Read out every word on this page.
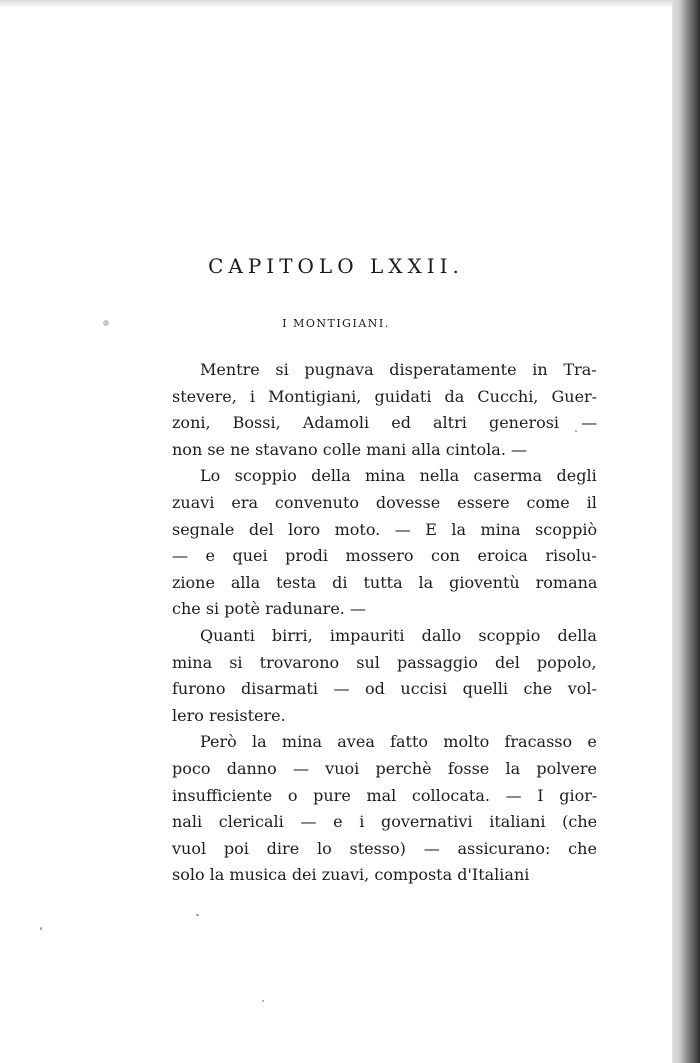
CAPITOLO LXXII.
I MONTIGIANI.
Mentre si pugnava disperatamente in Tra-
stevere, i Montigiani, guidati da Cucchi, Guer-
zoni, Bossi, Adamoli ed altri generosi —
non se ne stavano colle mani alla cintola. —
Lo scoppio della mina nella caserma degli
zuavi era convenuto dovesse essere come il
segnale del loro moto. — E la mina scoppiò
— e quei prodi mossero con eroica risolu-
zione alla testa di tutta la gioventù romana
che si potè radunare. —
Quanti birri, impauriti dallo scoppio della
mina si trovarono sul passaggio del popolo,
furono disarmati — od uccisi quelli che vol-
lero resistere.
Però la mina avea fatto molto fracasso e
poco danno — vuoi perchè fosse la polvere
insufficiente o pure mal collocata. — I gior-
nali clericali — e i governativi italiani (che
vuol poi dire lo stesso) — assicurano: che
solo la musica dei zuavi, composta d'Italiani
